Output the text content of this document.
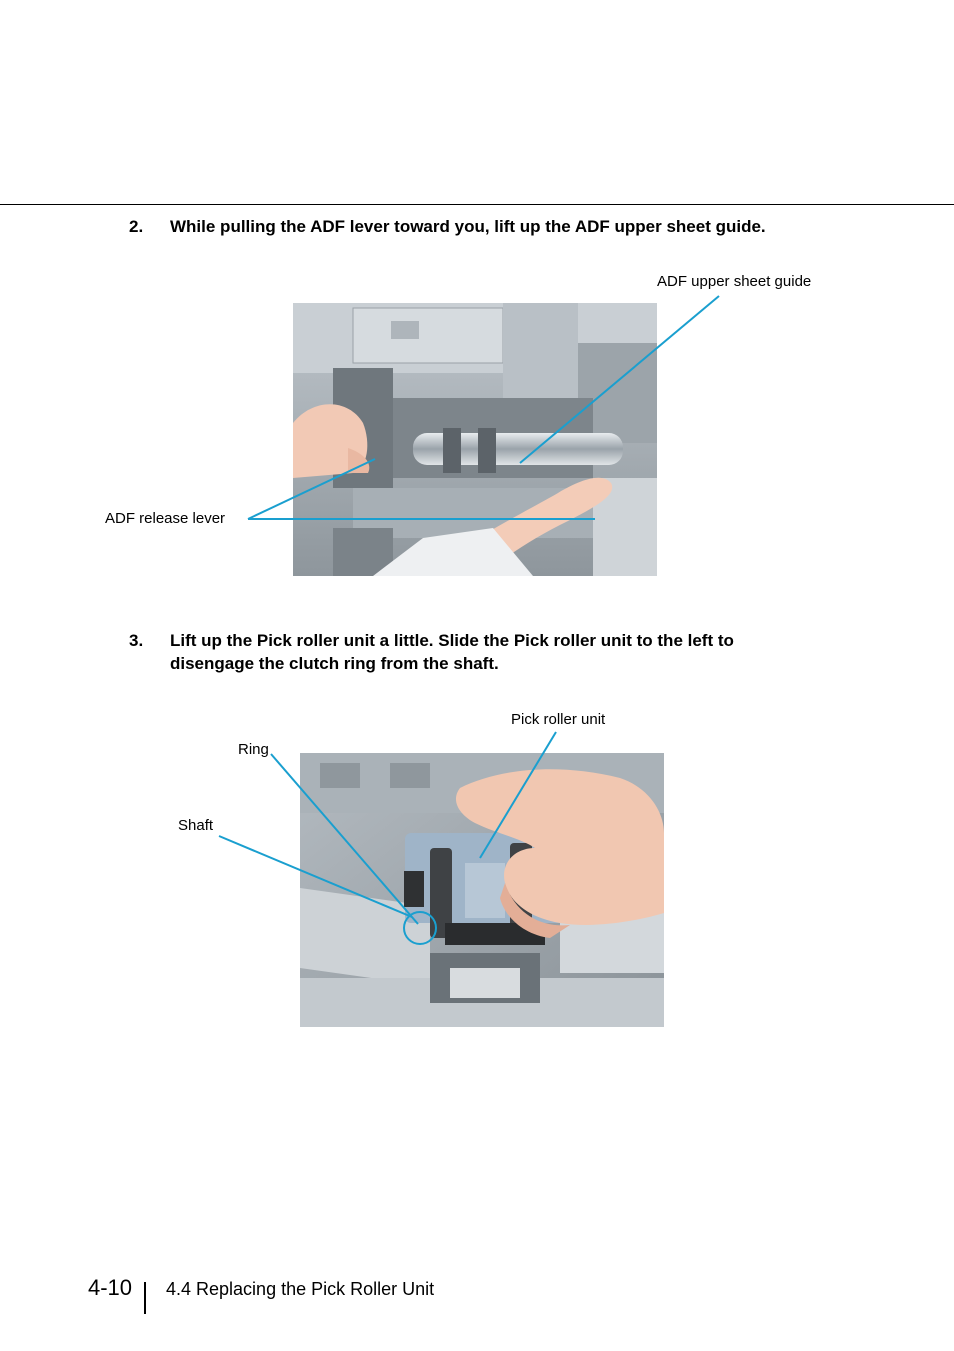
2. While pulling the ADF lever toward you, lift up the ADF upper sheet guide.
ADF upper sheet guide
ADF release lever
3. Lift up the Pick roller unit a little. Slide the Pick roller unit to the left to
disengage the clutch ring from the shaft.
Pick roller unit
Ring
Shaft
4-10 4.4 Replacing the Pick Roller Unit
